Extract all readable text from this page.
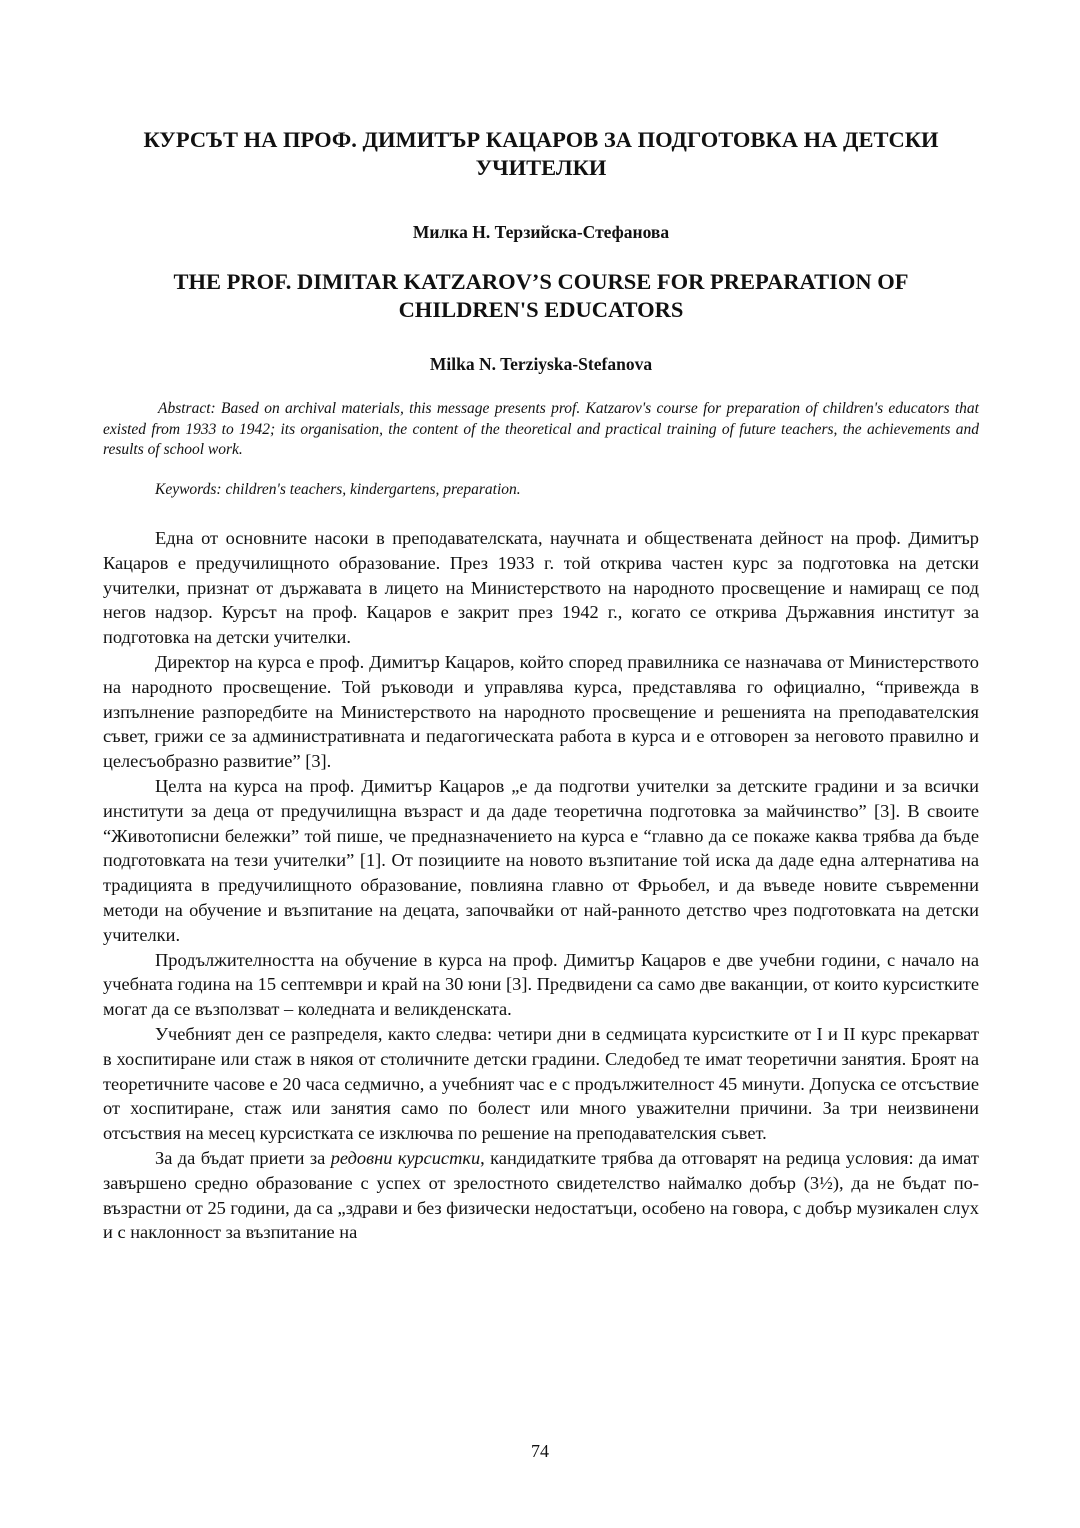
КУРСЪТ НА ПРОФ. ДИМИТЪР КАЦАРОВ ЗА ПОДГОТОВКА НА ДЕТСКИ УЧИТЕЛКИ
Милка Н. Терзийска-Стефанова
THE PROF. DIMITAR KATZAROV’S COURSE FOR PREPARATION OF CHILDREN'S EDUCATORS
Milka N. Terziyska-Stefanova
Abstract: Based on archival materials, this message presents prof. Katzarov's course for preparation of children's educators that existed from 1933 to 1942; its organisation, the content of the theoretical and practical training of future teachers, the achievements and results of school work.
Keywords: children's teachers, kindergartens, preparation.

Една от основните насоки в преподавателската, научната и обществената дейност на проф. Димитър Кацаров е предучилищното образование. През 1933 г. той открива частен курс за подготовка на детски учителки, признат от държавата в лицето на Министерството на народното просвещение и намиращ се под негов надзор. Курсът на проф. Кацаров е закрит през 1942 г., когато се открива Държавния институт за подготовка на детски учителки.

Директор на курса е проф. Димитър Кацаров, който според правилника се назначава от Министерството на народното просвещение. Той ръководи и управлява курса, представлява го официално, “привежда в изпълнение разпоредбите на Министерството на народното просвещение и решенията на преподавателския съвет, грижи се за административната и педагогическата работа в курса и е отговорен за неговото правилно и целесъобразно развитие” [3].

Целта на курса на проф. Димитър Кацаров „е да подготви учителки за детските градини и за всички институти за деца от предучилищна възраст и да даде теоретична подготовка за майчинство” [3]. В своите “Животописни бележки” той пише, че предназначението на курса е “главно да се покаже каква трябва да бъде подготовката на тези учителки” [1]. От позициите на новото възпитание той иска да даде една алтернатива на традицията в предучилищното образование, повлияна главно от Фрьобел, и да въведе новите съвременни методи на обучение и възпитание на децата, започвайки от най-ранното детство чрез подготовката на детски учителки.

Продължителността на обучение в курса на проф. Димитър Кацаров е две учебни години, с начало на учебната година на 15 септември и край на 30 юни [3]. Предвидени са само две ваканции, от които курсистките могат да се възползват – коледната и великденската.

Учебният ден се разпределя, както следва: четири дни в седмицата курсистките от I и II курс прекарват в хоспитиране или стаж в някоя от столичните детски градини. Следобед те имат теоретични занятия. Броят на теоретичните часове е 20 часа седмично, а учебният час е с продължителност 45 минути. Допуска се отсъствие от хоспитиране, стаж или занятия само по болест или много уважителни причини. За три неизвинени отсъствия на месец курсистката се изключва по решение на преподавателския съвет.

За да бъдат приети за редовни курсистки, кандидатките трябва да отговарят на редица условия: да имат завършено средно образование с успех от зрелостното свидетелство наймалко добър (3½), да не бъдат по-възрастни от 25 години, да са „здрави и без физически недостатъци, особено на говора, с добър музикален слух и с наклонност за възпитание на

74
